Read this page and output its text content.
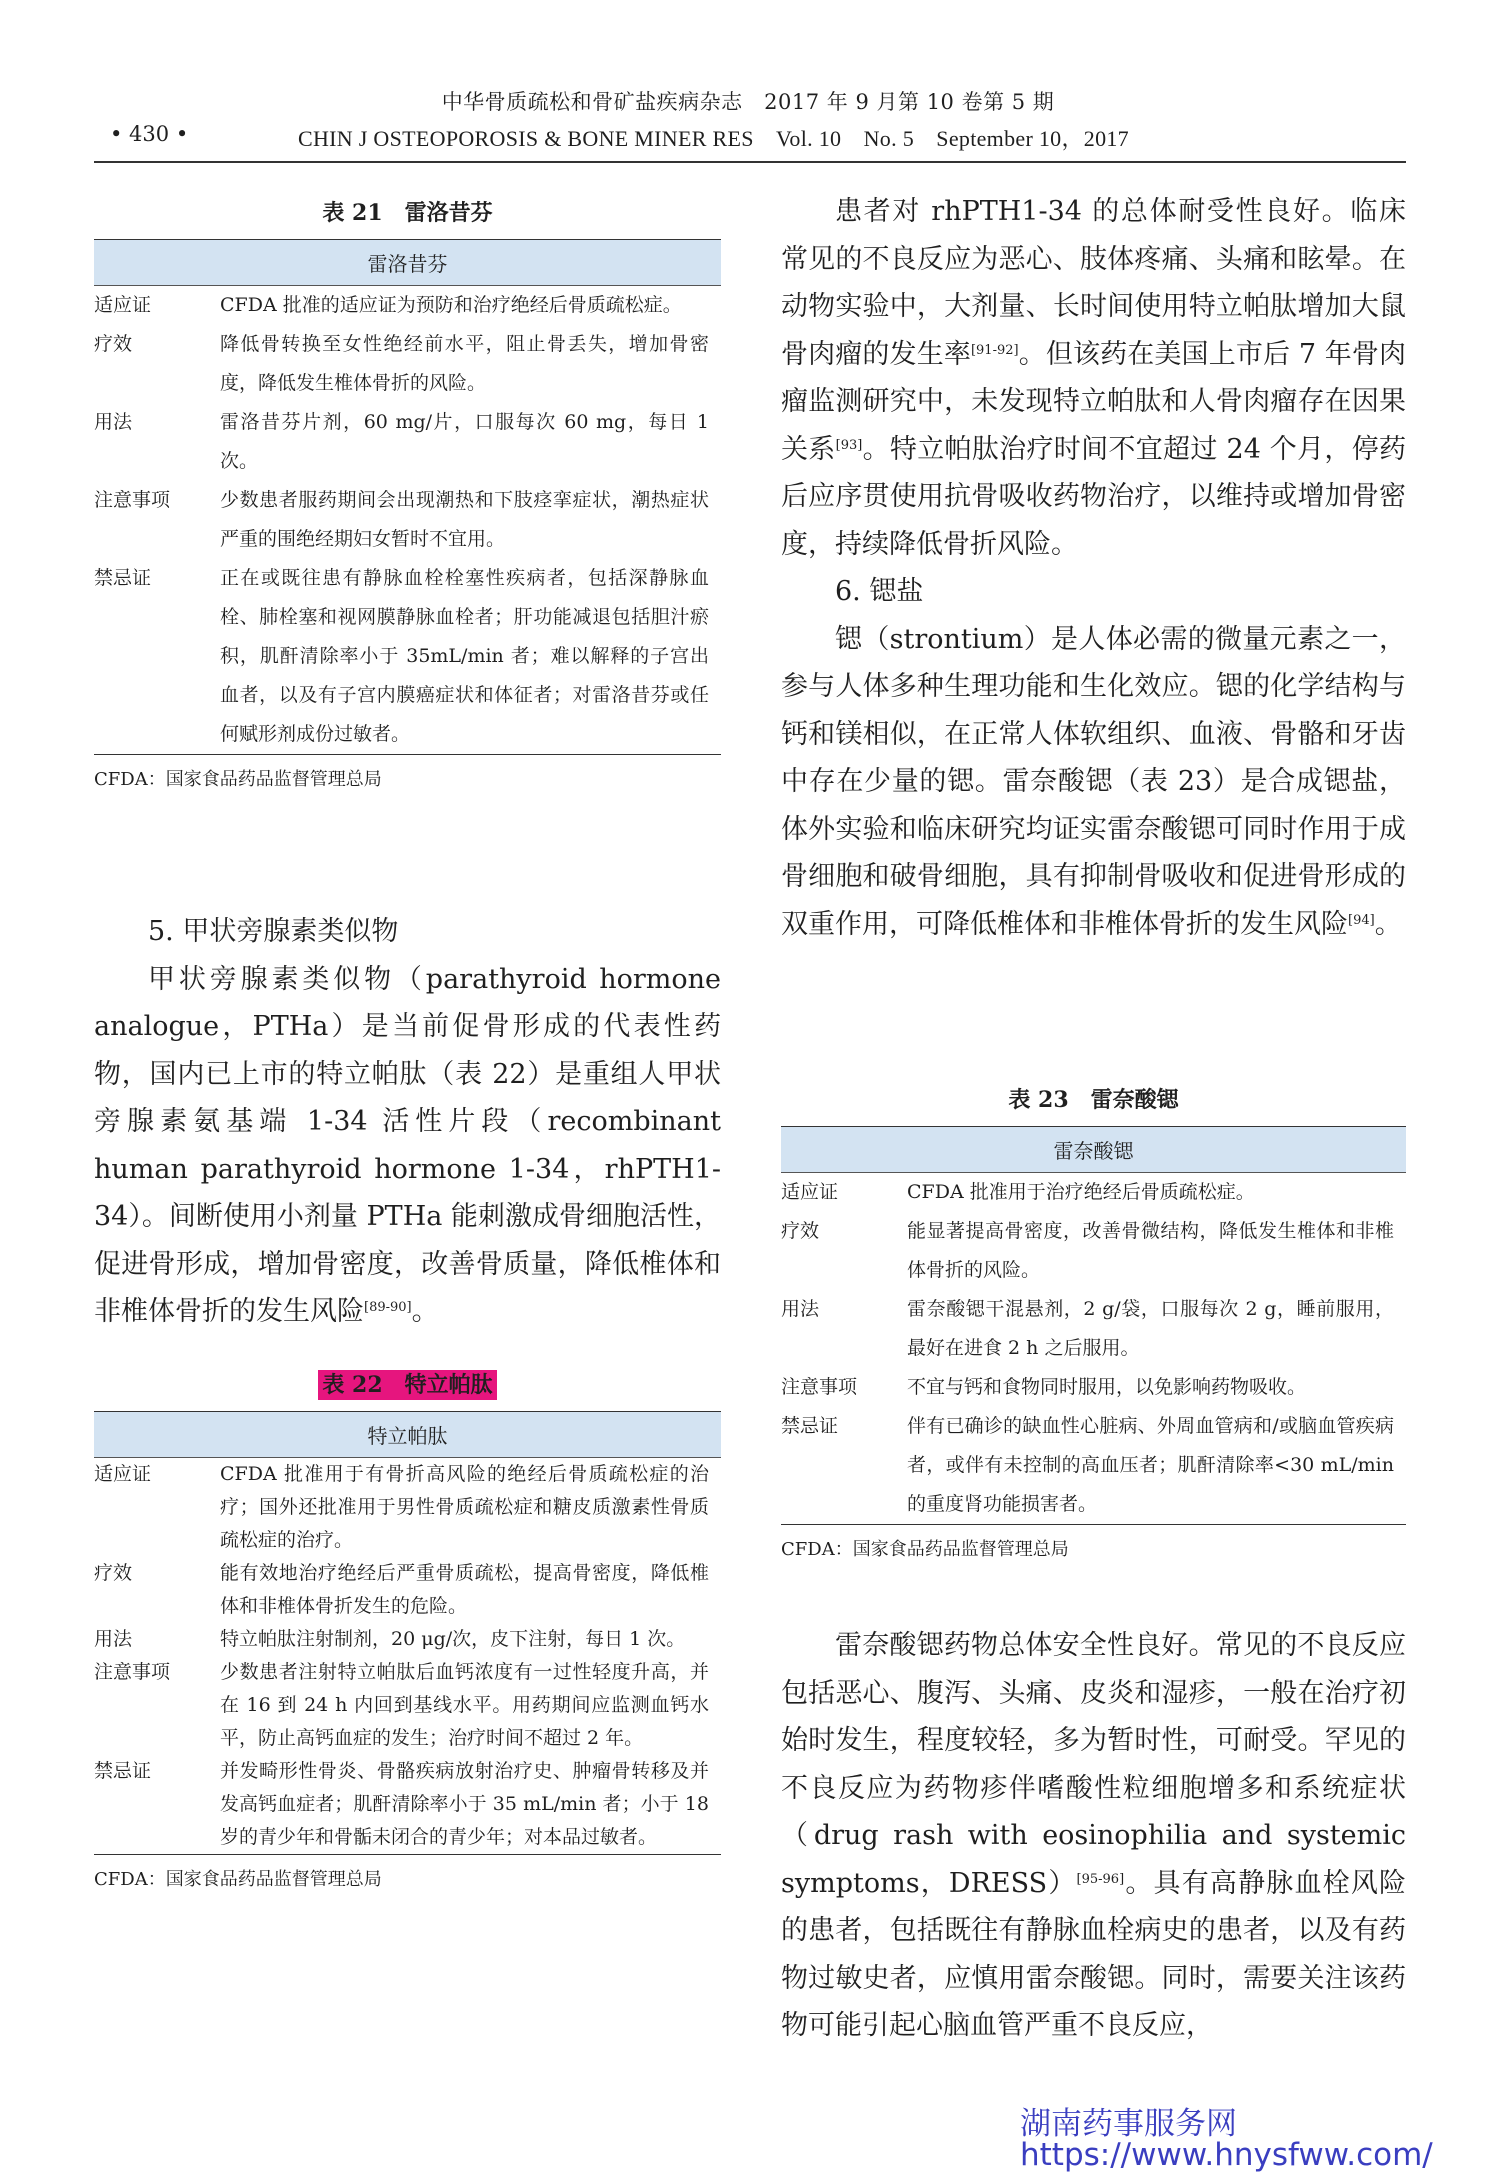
中华骨质疏松和骨矿盐疾病杂志　2017 年 9 月第 10 卷第 5 期
• 430 •	CHIN J OSTEOPOROSIS & BONE MINER RES　Vol. 10　No. 5　September 10，2017

表 21　雷洛昔芬

雷洛昔芬
适应证	CFDA 批准的适应证为预防和治疗绝经后骨质疏松症。
疗效	降低骨转换至女性绝经前水平，阻止骨丢失，增加骨密度，降低发生椎体骨折的风险。
用法	雷洛昔芬片剂，60 mg/片，口服每次 60 mg，每日 1 次。
注意事项	少数患者服药期间会出现潮热和下肢痉挛症状，潮热症状严重的围绝经期妇女暂时不宜用。
禁忌证	正在或既往患有静脉血栓栓塞性疾病者，包括深静脉血栓、肺栓塞和视网膜静脉血栓者；肝功能减退包括胆汁瘀积，肌酐清除率小于 35mL/min 者；难以解释的子宫出血者，以及有子宫内膜癌症状和体征者；对雷洛昔芬或任何赋形剂成份过敏者。
CFDA：国家食品药品监督管理总局

5. 甲状旁腺素类似物

甲状旁腺素类似物（parathyroid hormone analogue，PTHa）是当前促骨形成的代表性药物，国内已上市的特立帕肽（表 22）是重组人甲状旁腺素氨基端 1-34 活性片段（recombinant human parathyroid hormone 1-34，rhPTH1-34）。间断使用小剂量 PTHa 能刺激成骨细胞活性，促进骨形成，增加骨密度，改善骨质量，降低椎体和非椎体骨折的发生风险[89-90]。

表 22　特立帕肽

特立帕肽
适应证	CFDA 批准用于有骨折高风险的绝经后骨质疏松症的治疗；国外还批准用于男性骨质疏松症和糖皮质激素性骨质疏松症的治疗。
疗效	能有效地治疗绝经后严重骨质疏松，提高骨密度，降低椎体和非椎体骨折发生的危险。
用法	特立帕肽注射制剂，20 μg/次，皮下注射，每日 1 次。
注意事项	少数患者注射特立帕肽后血钙浓度有一过性轻度升高，并在 16 到 24 h 内回到基线水平。用药期间应监测血钙水平，防止高钙血症的发生；治疗时间不超过 2 年。
禁忌证	并发畸形性骨炎、骨骼疾病放射治疗史、肿瘤骨转移及并发高钙血症者；肌酐清除率小于 35 mL/min 者；小于 18 岁的青少年和骨骺未闭合的青少年；对本品过敏者。
CFDA：国家食品药品监督管理总局

患者对 rhPTH1-34 的总体耐受性良好。临床常见的不良反应为恶心、肢体疼痛、头痛和眩晕。在动物实验中，大剂量、长时间使用特立帕肽增加大鼠骨肉瘤的发生率[91-92]。但该药在美国上市后 7 年骨肉瘤监测研究中，未发现特立帕肽和人骨肉瘤存在因果关系[93]。特立帕肽治疗时间不宜超过 24 个月，停药后应序贯使用抗骨吸收药物治疗，以维持或增加骨密度，持续降低骨折风险。

6. 锶盐

锶（strontium）是人体必需的微量元素之一，参与人体多种生理功能和生化效应。锶的化学结构与钙和镁相似，在正常人体软组织、血液、骨骼和牙齿中存在少量的锶。雷奈酸锶（表 23）是合成锶盐，体外实验和临床研究均证实雷奈酸锶可同时作用于成骨细胞和破骨细胞，具有抑制骨吸收和促进骨形成的双重作用，可降低椎体和非椎体骨折的发生风险[94]。

表 23　雷奈酸锶

雷奈酸锶
适应证	CFDA 批准用于治疗绝经后骨质疏松症。
疗效	能显著提高骨密度，改善骨微结构，降低发生椎体和非椎体骨折的风险。
用法	雷奈酸锶干混悬剂，2 g/袋，口服每次 2 g，睡前服用，最好在进食 2 h 之后服用。
注意事项	不宜与钙和食物同时服用，以免影响药物吸收。
禁忌证	伴有已确诊的缺血性心脏病、外周血管病和/或脑血管疾病者，或伴有未控制的高血压者；肌酐清除率<30 mL/min 的重度肾功能损害者。
CFDA：国家食品药品监督管理总局

雷奈酸锶药物总体安全性良好。常见的不良反应包括恶心、腹泻、头痛、皮炎和湿疹，一般在治疗初始时发生，程度较轻，多为暂时性，可耐受。罕见的不良反应为药物疹伴嗜酸性粒细胞增多和系统症状（drug rash with eosinophilia and systemic symptoms，DRESS）[95-96]。具有高静脉血栓风险的患者，包括既往有静脉血栓病史的患者，以及有药物过敏史者，应慎用雷奈酸锶。同时，需要关注该药物可能引起心脑血管严重不良反应，

湖南药事服务网
https://www.hnysfww.com/
